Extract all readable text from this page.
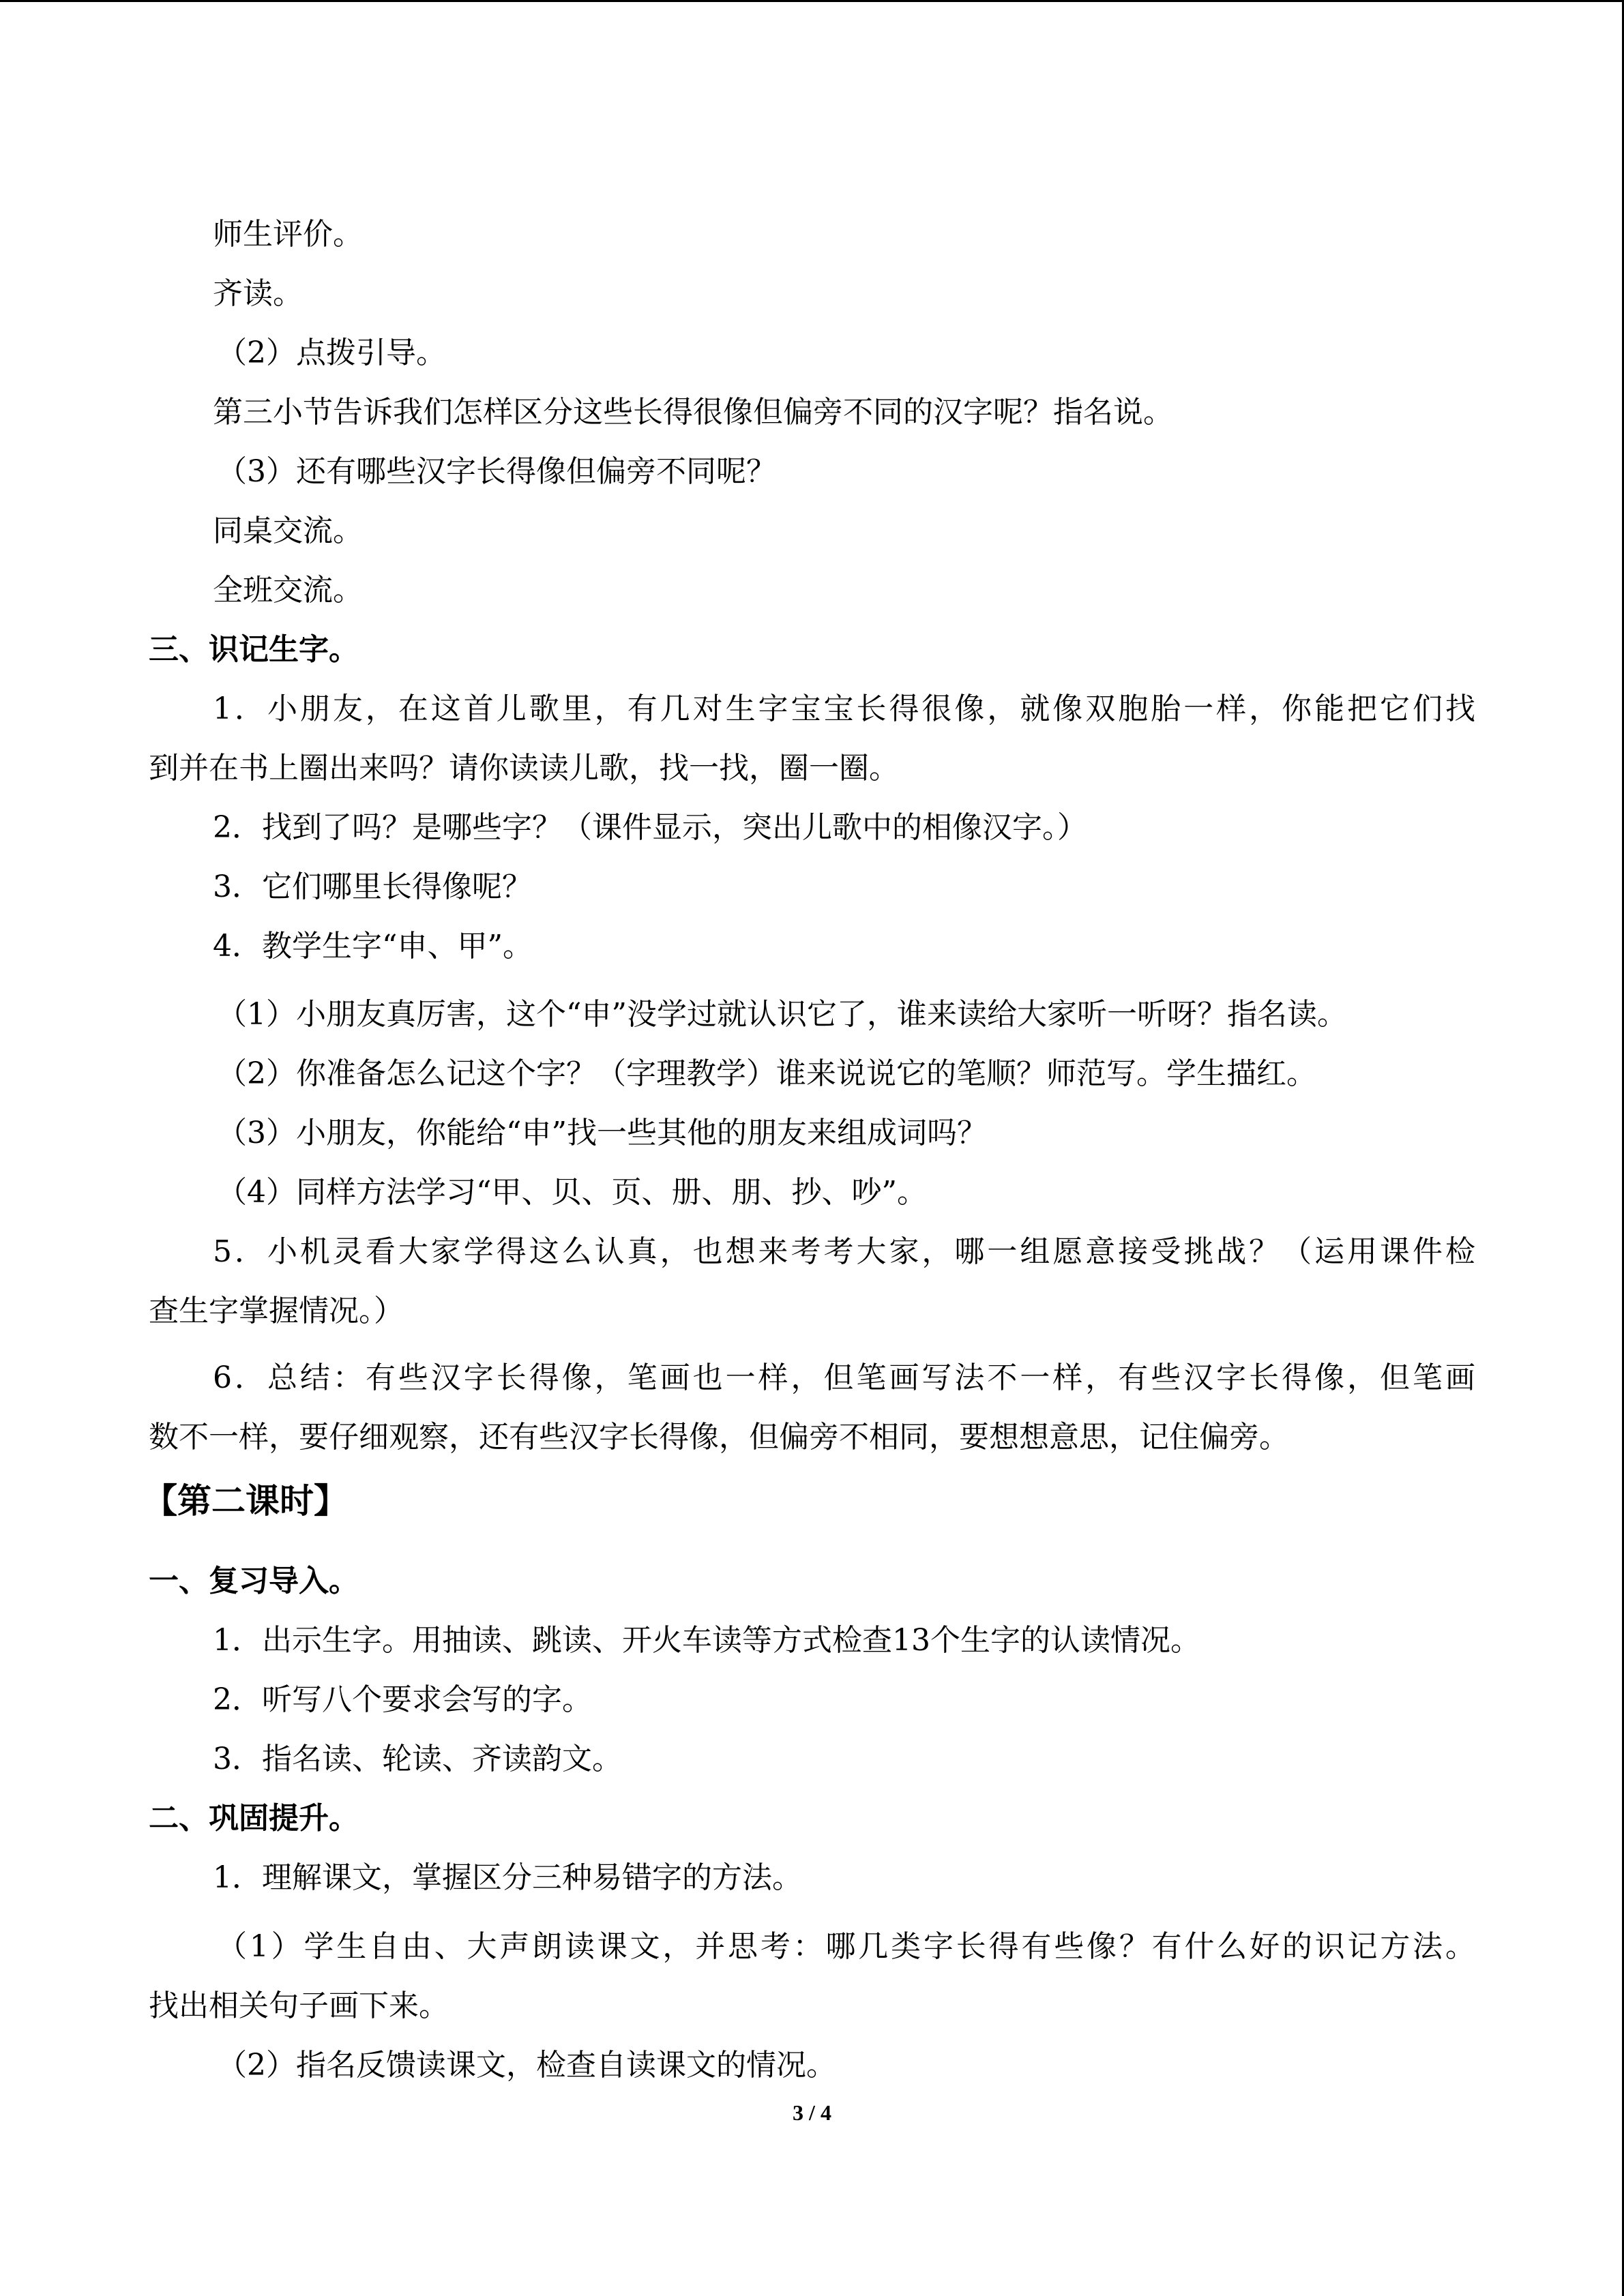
师生评价。
齐读。
（2）点拨引导。
第三小节告诉我们怎样区分这些长得很像但偏旁不同的汉字呢？指名说。
（3）还有哪些汉字长得像但偏旁不同呢？
同桌交流。
全班交流。
三、识记生字。
1．小朋友，在这首儿歌里，有几对生字宝宝长得很像，就像双胞胎一样，你能把它们找
到并在书上圈出来吗？请你读读儿歌，找一找，圈一圈。
2．找到了吗？是哪些字？（课件显示，突出儿歌中的相像汉字。）
3．它们哪里长得像呢？
4．教学生字“申、甲”。
（1）小朋友真厉害，这个“申”没学过就认识它了，谁来读给大家听一听呀？指名读。
（2）你准备怎么记这个字？（字理教学）谁来说说它的笔顺？师范写。学生描红。
（3）小朋友，你能给“申”找一些其他的朋友来组成词吗？
（4）同样方法学习“甲、贝、页、册、朋、抄、吵”。
5．小机灵看大家学得这么认真，也想来考考大家，哪一组愿意接受挑战？（运用课件检
查生字掌握情况。）
6．总结：有些汉字长得像，笔画也一样，但笔画写法不一样，有些汉字长得像，但笔画
数不一样，要仔细观察，还有些汉字长得像，但偏旁不相同，要想想意思，记住偏旁。
【第二课时】
一、复习导入。
1．出示生字。用抽读、跳读、开火车读等方式检查13个生字的认读情况。
2．听写八个要求会写的字。
3．指名读、轮读、齐读韵文。
二、巩固提升。
1．理解课文，掌握区分三种易错字的方法。
（1）学生自由、大声朗读课文，并思考：哪几类字长得有些像？有什么好的识记方法。
找出相关句子画下来。
（2）指名反馈读课文，检查自读课文的情况。
3 / 4
